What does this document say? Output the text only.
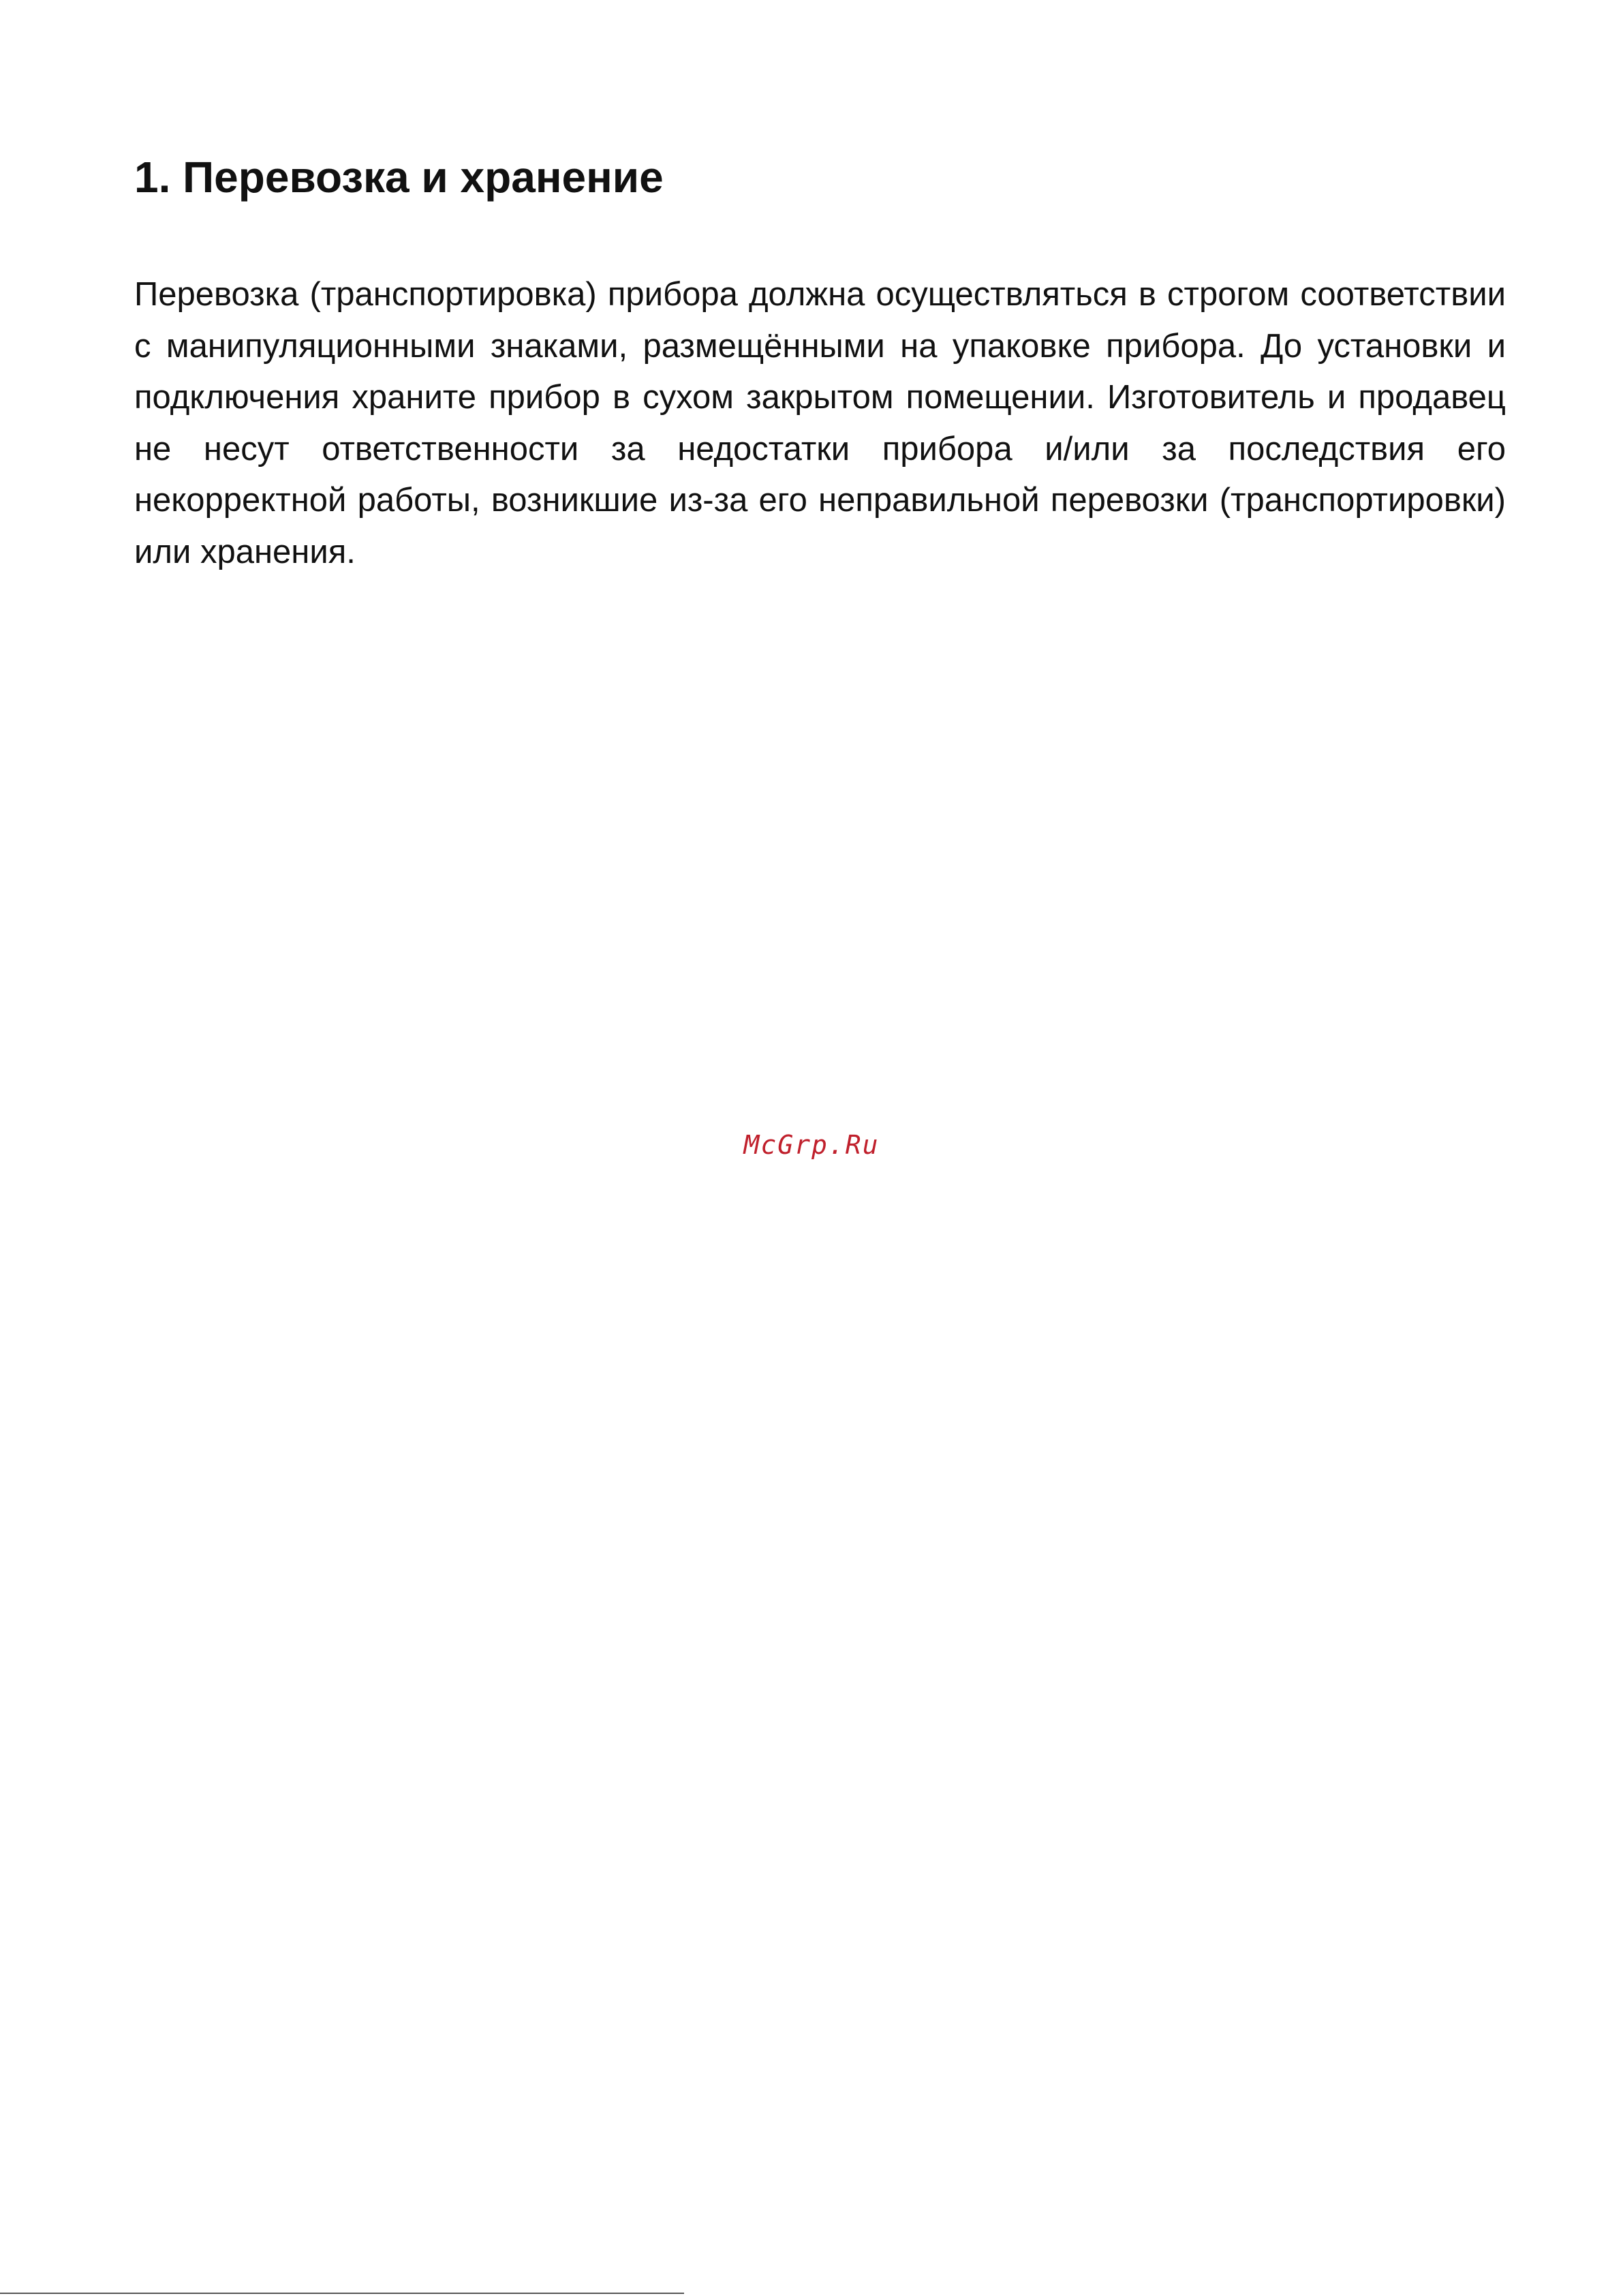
1. Перевозка и хранение

Перевозка (транспортировка) прибора должна осуществляться в строгом соответствии с манипуляционными знаками, размещёнными на упаковке прибора. До установки и подключения храните прибор в сухом закрытом помещении. Изготовитель и продавец не несут ответственности за недостатки прибора и/или за последствия его некорректной работы, возникшие из-за его неправильной перевозки (транспортировки) или хранения.

McGrp.Ru
